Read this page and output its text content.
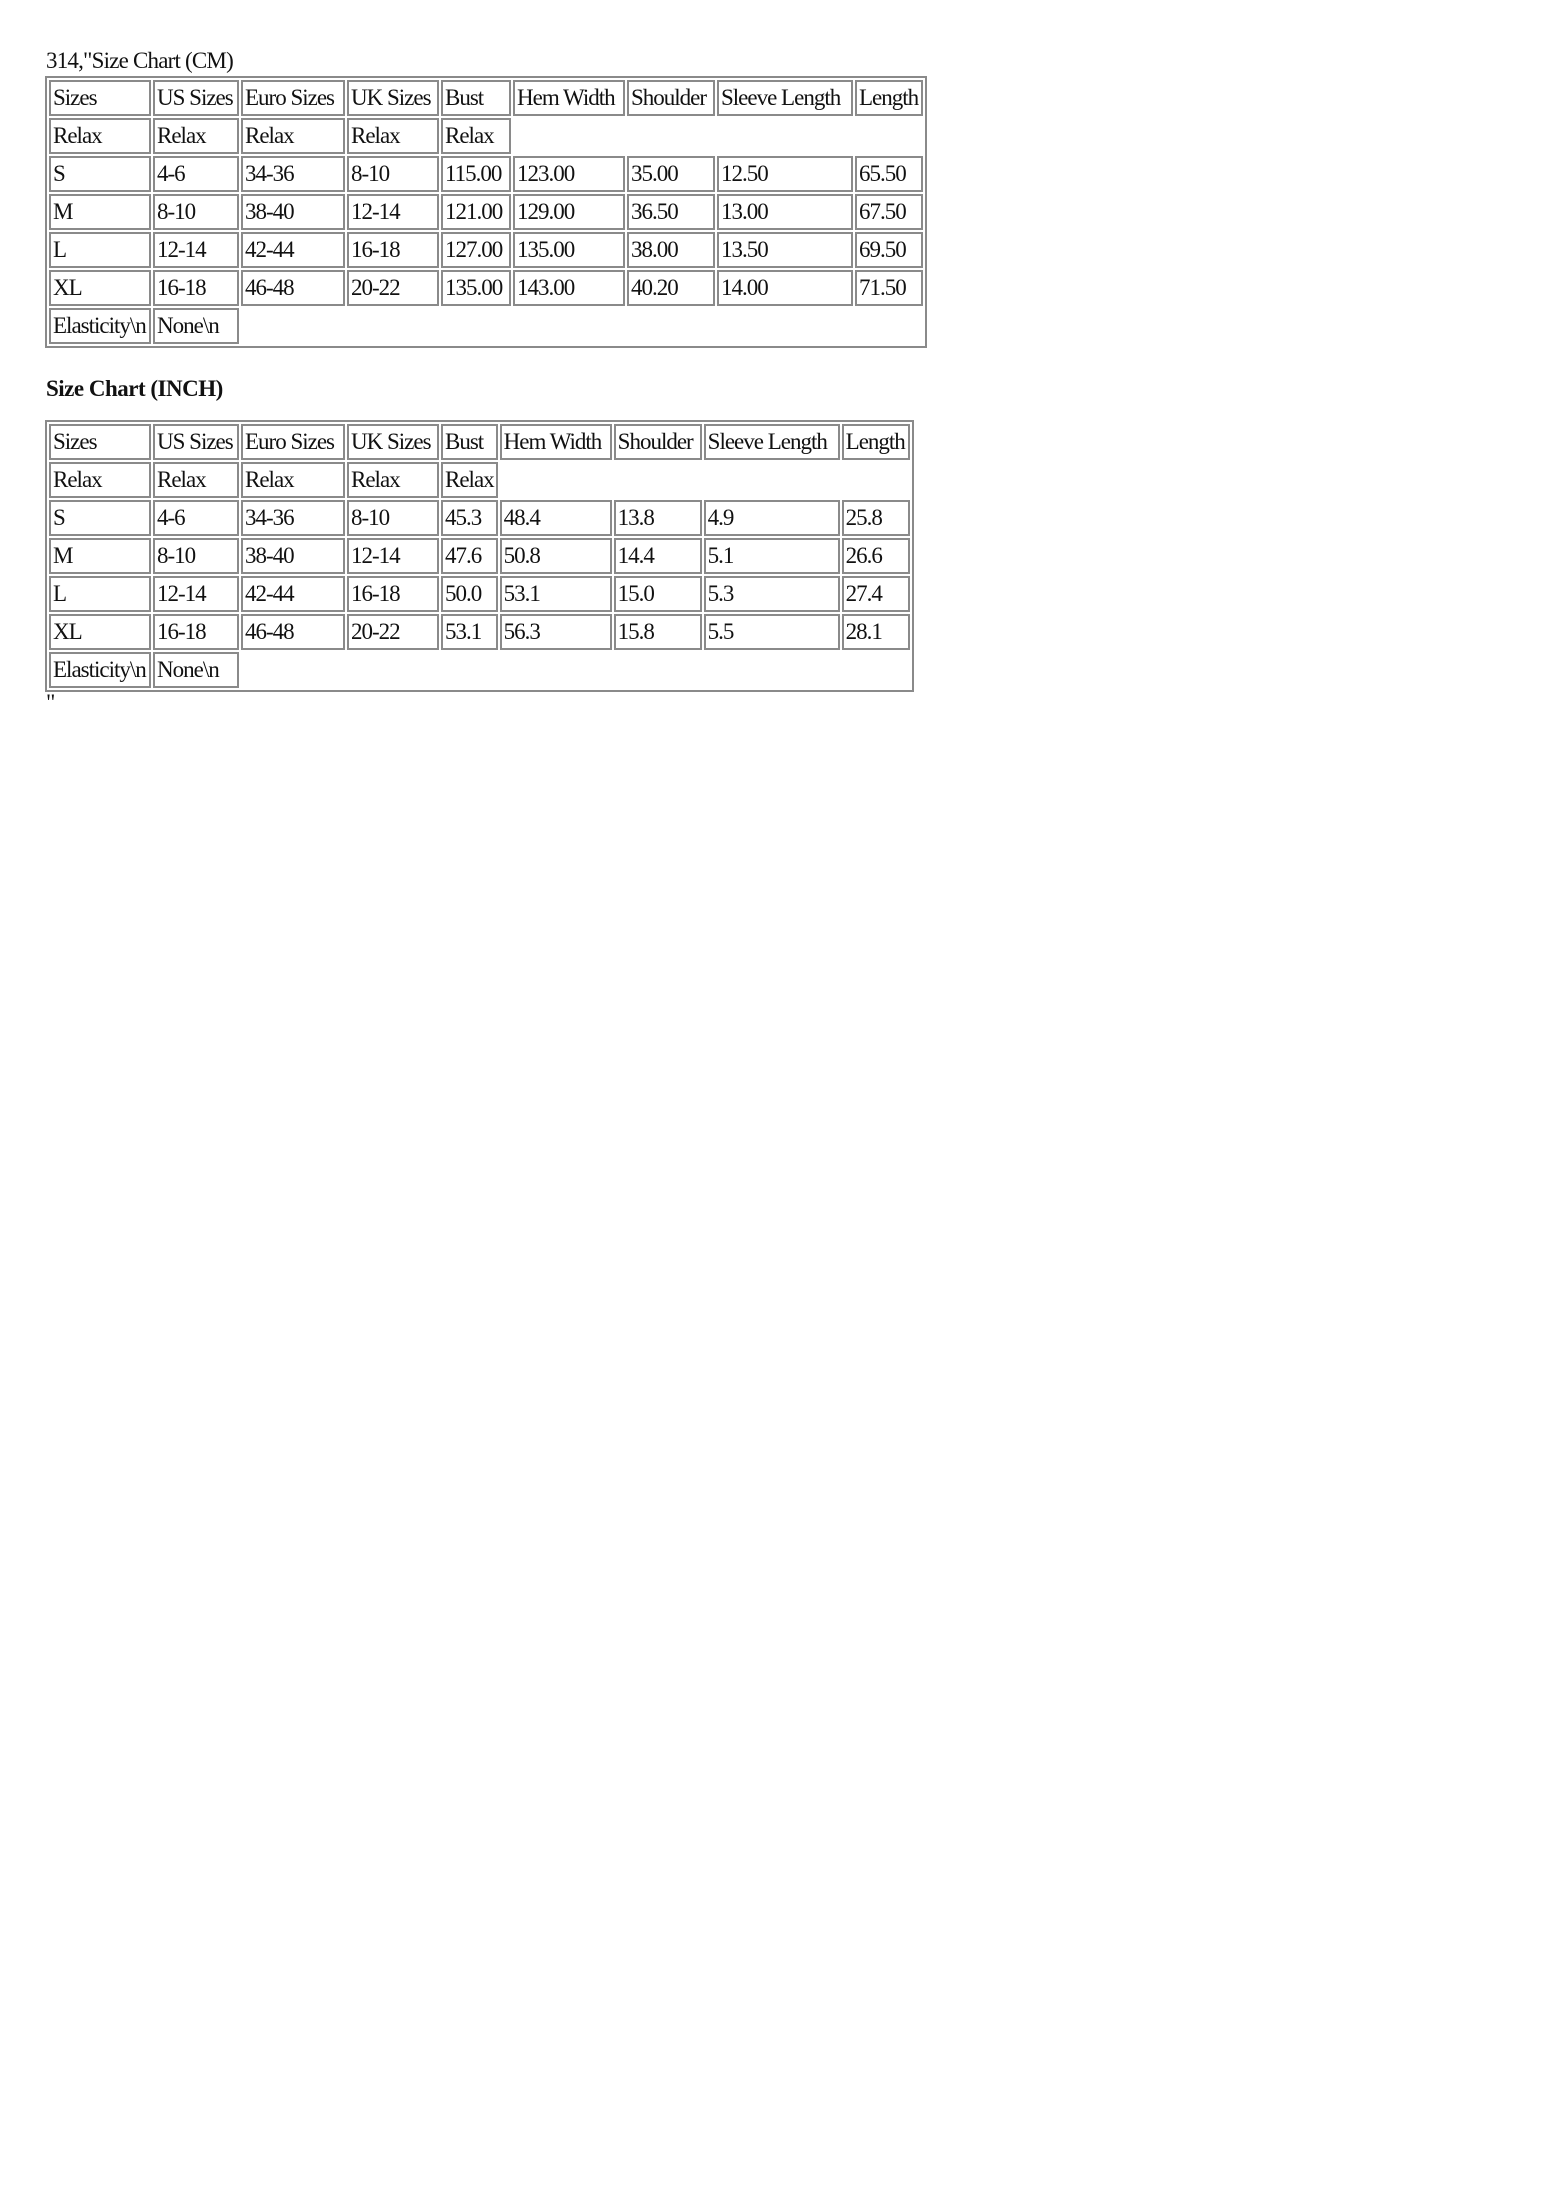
314,"Size Chart (CM)
Sizes	US Sizes	Euro Sizes	UK Sizes	Bust	Hem Width	Shoulder	Sleeve Length	Length
Relax	Relax	Relax	Relax	Relax				
S	4-6	34-36	8-10	115.00	123.00	35.00	12.50	65.50
M	8-10	38-40	12-14	121.00	129.00	36.50	13.00	67.50
L	12-14	42-44	16-18	127.00	135.00	38.00	13.50	69.50
XL	16-18	46-48	20-22	135.00	143.00	40.20	14.00	71.50
Elasticity\n	None\n							
Size Chart (INCH)
Sizes	US Sizes	Euro Sizes	UK Sizes	Bust	Hem Width	Shoulder	Sleeve Length	Length
Relax	Relax	Relax	Relax	Relax				
S	4-6	34-36	8-10	45.3	48.4	13.8	4.9	25.8
M	8-10	38-40	12-14	47.6	50.8	14.4	5.1	26.6
L	12-14	42-44	16-18	50.0	53.1	15.0	5.3	27.4
XL	16-18	46-48	20-22	53.1	56.3	15.8	5.5	28.1
Elasticity\n	None\n							
"
